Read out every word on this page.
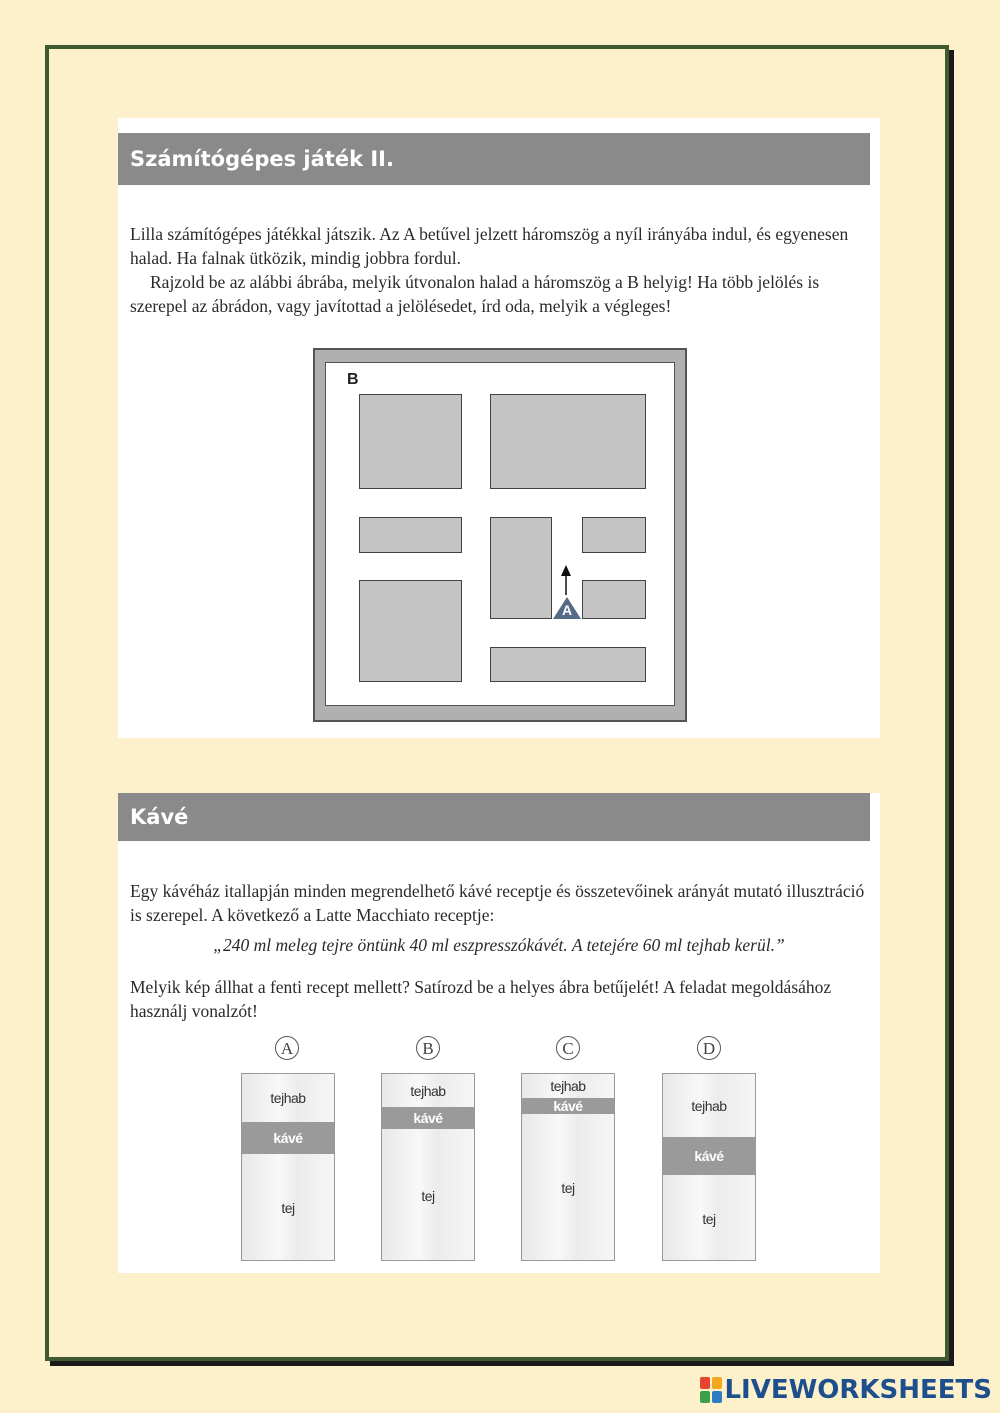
Számítógépes játék II.

Lilla számítógépes játékkal játszik. Az A betűvel jelzett háromszög a nyíl irányába indul, és egyenesen halad. Ha falnak ütközik, mindig jobbra fordul.

Rajzold be az alábbi ábrába, melyik útvonalon halad a háromszög a B helyig! Ha több jelölés is szerepel az ábrádon, vagy javítottad a jelölésedet, írd oda, melyik a végleges!

B
A
Kávé

Egy kávéház itallapján minden megrendelhető kávé receptje és összetevőinek arányát mutató illusztráció is szerepel. A következő a Latte Macchiato receptje:

„240 ml meleg tejre öntünk 40 ml eszpresszókávét. A tetejére 60 ml tejhab kerül.”

Melyik kép állhat a fenti recept mellett? Satírozd be a helyes ábra betűjelét! A feladat megoldásához használj vonalzót!

A
tejhab
kávé
tej
B
tejhab
kávé
tej
C
tejhab
kávé
tej
D
tejhab
kávé
tej
LIVEWORKSHEETS
